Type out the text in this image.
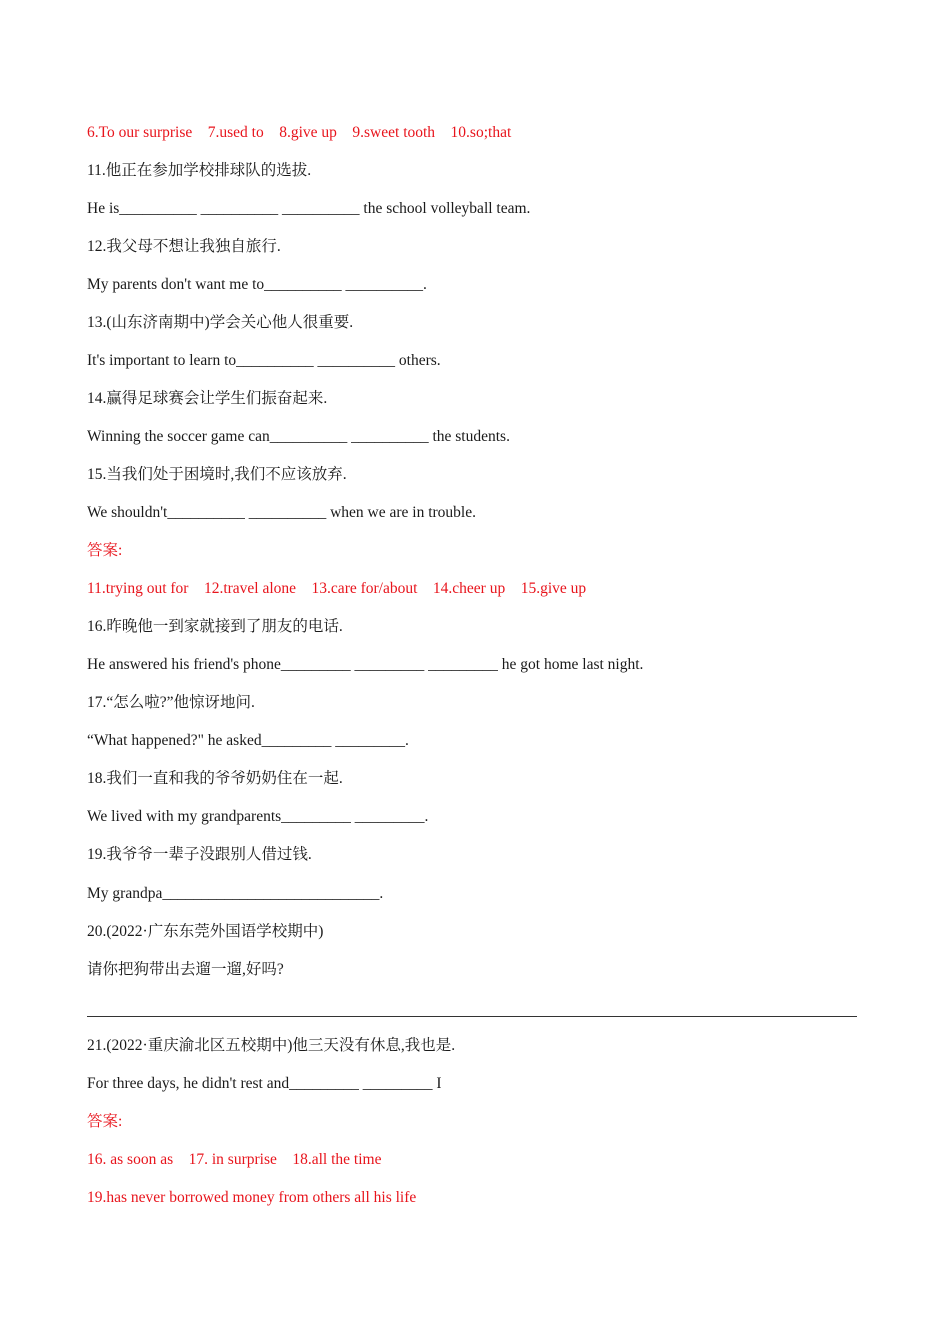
6.To our surprise    7.used to    8.give up    9.sweet tooth    10.so;that
11.他正在参加学校排球队的选拔.
He is__________ __________ __________ the school volleyball team.
12.我父母不想让我独自旅行.
My parents don't want me to__________ __________.
13.(山东济南期中)学会关心他人很重要.
It's important to learn to__________ __________ others.
14.赢得足球赛会让学生们振奋起来.
Winning the soccer game can__________ __________ the students.
15.当我们处于困境时,我们不应该放弃.
We shouldn't__________ __________ when we are in trouble.
答案:
11.trying out for    12.travel alone    13.care for/about    14.cheer up    15.give up
16.昨晚他一到家就接到了朋友的电话.
He answered his friend's phone_________ _________ _________ he got home last night.
17.“怎么啦?”他惊讶地问.
“What happened?" he asked_________ _________.
18.我们一直和我的爷爷奶奶住在一起.
We lived with my grandparents_________ _________.
19.我爷爷一辈子没跟别人借过钱.
My grandpa____________________________.
20.(2022·广东东莞外国语学校期中)
请你把狗带出去遛一遛,好吗?
21.(2022·重庆渝北区五校期中)他三天没有休息,我也是.
For three days, he didn't rest and_________ _________ I
答案:
16. as soon as    17. in surprise    18.all the time
19.has never borrowed money from others all his life
